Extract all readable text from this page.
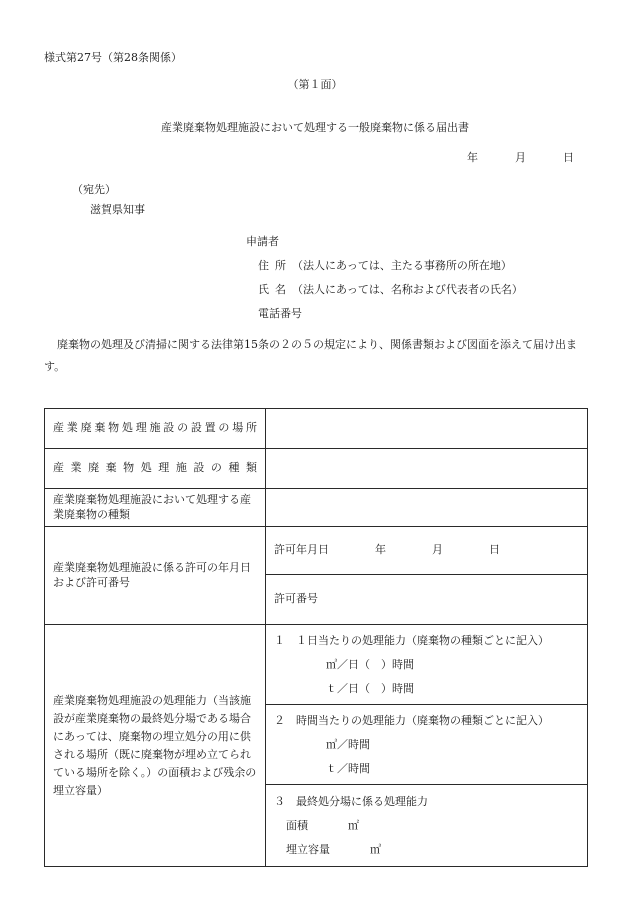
様式第27号（第28条関係）
（第１面）
産業廃棄物処理施設において処理する一般廃棄物に係る届出書
年	月	日
（宛先）
滋賀県知事
申請者
住 所 （法人にあっては、主たる事務所の所在地）
氏 名 （法人にあっては、名称および代表者の氏名）
電話番号
廃棄物の処理及び清掃に関する法律第15条の２の５の規定により、関係書類および図面を添えて届け出ます。
産業廃棄物処理施設の設置の場所	
産業廃棄物処理施設の種類	
産業廃棄物処理施設において処理する産業廃棄物の種類	
産業廃棄物処理施設に係る許可の年月日および許可番号	許可年月日 年 月 日
	許可番号
産業廃棄物処理施設の処理能力（当該施設が産業廃棄物の最終処分場である場合にあっては、廃棄物の埋立処分の用に供される場所（既に廃棄物が埋め立てられている場所を除く。）の面積および残余の埋立容量）	１　１日当たりの処理能力（廃棄物の種類ごとに記入）
㎥／日（　）時間
ｔ／日（　）時間

	２　時間当たりの処理能力（廃棄物の種類ごとに記入）
㎥／時間
ｔ／時間

	３　最終処分場に係る処理能力
面積 ㎡
埋立容量 ㎥
